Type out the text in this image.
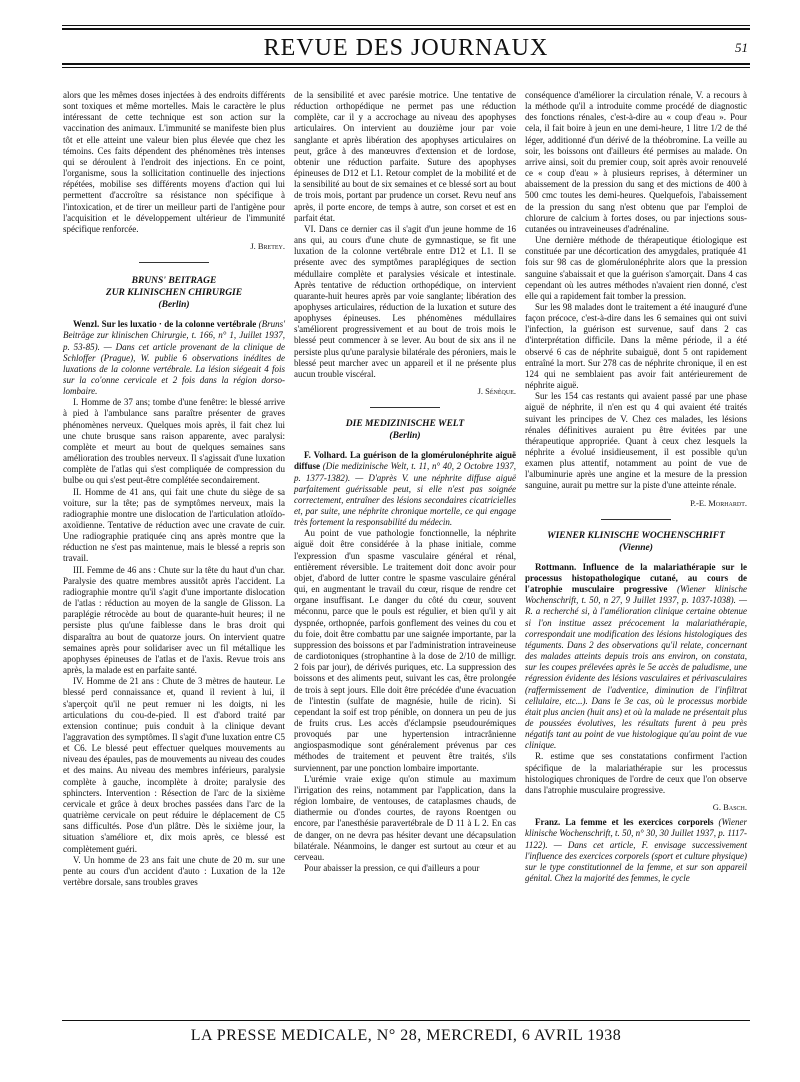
REVUE DES JOURNAUX	51

alors que les mêmes doses injectées à des endroits différents sont toxiques et même mortelles. Mais le caractère le plus intéressant de cette technique est son action sur la vaccination des animaux. L'immunité se manifeste bien plus tôt et elle atteint une valeur bien plus élevée que chez les témoins. Ces faits dépendent des phénomènes très intenses qui se déroulent à l'endroit des injections. En ce point, l'organisme, sous la sollicitation continuelle des injections répétées, mobilise ses différents moyens d'action qui lui permettent d'accroître sa résistance non spécifique à l'intoxication, et de tirer un meilleur parti de l'antigène pour l'acquisition et le développement ultérieur de l'immunité spécifique renforcée.

J. Bretey.
BRUNS' BEITRAGE
ZUR KLINISCHEN CHIRURGIE
(Berlin)

Wenzl. Sur les luxatio · de la colonne vertébrale (Bruns' Beiträge zur klinischen Chirurgie, t. 166, n° 1, Juillet 1937, p. 53-85). — Dans cet article provenant de la clinique de Schloffer (Prague), W. publie 6 observations inédites de luxations de la colonne vertébrale. La lésion siégeait 4 fois sur la co'onne cervicale et 2 fois dans la région dorso-lombaire.

I. Homme de 37 ans; tombe d'une fenêtre: le blessé arrive à pied à l'ambulance sans paraître présenter de graves phénomènes nerveux. Quelques mois après, il fait chez lui une chute brusque sans raison apparente, avec paralysi: complète et meurt au bout de quelques semaines sans amélioration des troubles nerveux. Il s'agissait d'une luxation complète de l'atlas qui s'est compliquée de compression du bulbe ou qui s'est peut-être complétée secondairement.

II. Homme de 41 ans, qui fait une chute du siège de sa voiture, sur la tête; pas de symptômes nerveux, mais la radiographie montre une dislocation de l'articulation atloïdo-axoïdienne. Tentative de réduction avec une cravate de cuir. Une radiographie pratiquée cinq ans après montre que la réduction ne s'est pas maintenue, mais le blessé a repris son travail.

III. Femme de 46 ans : Chute sur la tête du haut d'un char. Paralysie des quatre membres aussitôt après l'accident. La radiographie montre qu'il s'agit d'une importante dislocation de l'atlas : réduction au moyen de la sangle de Glisson. La paraplégie rétrocède au bout de quarante-huit heures; il ne persiste plus qu'une faiblesse dans le bras droit qui disparaîtra au bout de quatorze jours. On intervient quatre semaines après pour solidariser avec un fil métallique les apophyses épineuses de l'atlas et de l'axis. Revue trois ans après, la malade est en parfaite santé.

IV. Homme de 21 ans : Chute de 3 mètres de hauteur. Le blessé perd connaissance et, quand il revient à lui, il s'aperçoit qu'il ne peut remuer ni les doigts, ni les articulations du cou-de-pied. Il est d'abord traité par extension continue; puis conduit à la clinique devant l'aggravation des symptômes. Il s'agit d'une luxation entre C5 et C6. Le blessé peut effectuer quelques mouvements au niveau des épaules, pas de mouvements au niveau des coudes et des mains. Au niveau des membres inférieurs, paralysie complète à gauche, incomplète à droite; paralysie des sphincters. Intervention : Résection de l'arc de la sixième cervicale et grâce à deux broches passées dans l'arc de la quatrième cervicale on peut réduire le déplacement de C5 sans difficultés. Pose d'un plâtre. Dès le sixième jour, la situation s'améliore et, dix mois après, ce blessé est complètement guéri.

V. Un homme de 23 ans fait une chute de 20 m. sur une pente au cours d'un accident d'auto : Luxation de la 12e vertèbre dorsale, sans troubles graves

de la sensibilité et avec parésie motrice. Une tentative de réduction orthopédique ne permet pas une réduction complète, car il y a accrochage au niveau des apophyses articulaires. On intervient au douzième jour par voie sanglante et après libération des apophyses articulaires on peut, grâce à des manœuvres d'extension et de lordose, obtenir une réduction parfaite. Suture des apophyses épineuses de D12 et L1. Retour complet de la mobilité et de la sensibilité au bout de six semaines et ce blessé sort au bout de trois mois, portant par prudence un corset. Revu neuf ans après, il porte encore, de temps à autre, son corset et est en parfait état.

VI. Dans ce dernier cas il s'agit d'un jeune homme de 16 ans qui, au cours d'une chute de gymnastique, se fit une luxation de la colonne vertébrale entre D12 et L1. Il se présente avec des symptômes paraplégiques de section médullaire complète et paralysies vésicale et intestinale. Après tentative de réduction orthopédique, on intervient quarante-huit heures après par voie sanglante; libération des apophyses articulaires, réduction de la luxation et suture des apophyses épineuses. Les phénomènes médullaires s'améliorent progressivement et au bout de trois mois le blessé peut commencer à se lever. Au bout de six ans il ne persiste plus qu'une paralysie bilatérale des péroniers, mais le blessé peut marcher avec un appareil et il ne présente plus aucun trouble viscéral.

J. Sénèque.
DIE MEDIZINISCHE WELT
(Berlin)

F. Volhard. La guérison de la glomérulonéphrite aiguë diffuse (Die medizinische Welt, t. 11, n° 40, 2 Octobre 1937, p. 1377-1382). — D'après V. une néphrite diffuse aiguë parfaitement guérissable peut, si elle n'est pas soignée correctement, entraîner des lésions secondaires cicatricielles et, par suite, une néphrite chronique mortelle, ce qui engage très fortement la responsabilité du médecin.

Au point de vue pathologie fonctionnelle, la néphrite aiguë doit être considérée à la phase initiale, comme l'expression d'un spasme vasculaire général et rénal, entièrement réversible. Le traitement doit donc avoir pour objet, d'abord de lutter contre le spasme vasculaire général qui, en augmentant le travail du cœur, risque de rendre cet organe insuffisant. Le danger du côté du cœur, souvent méconnu, parce que le pouls est régulier, et bien qu'il y ait dyspnée, orthopnée, parfois gonflement des veines du cou et du foie, doit être combattu par une saignée importante, par la suppression des boissons et par l'administration intraveineuse de cardiotoniques (strophantine à la dose de 2/10 de milligr. 2 fois par jour), de dérivés puriques, etc. La suppression des boissons et des aliments peut, suivant les cas, être prolongée de trois à sept jours. Elle doit être précédée d'une évacuation de l'intestin (sulfate de magnésie, huile de ricin). Si cependant la soif est trop pénible, on donnera un peu de jus de fruits crus. Les accès d'éclampsie pseudourémiques provoqués par une hypertension intracrânienne angiospasmodique sont généralement prévenus par ces méthodes de traitement et peuvent être traités, s'ils surviennent, par une ponction lombaire importante.

L'urémie vraie exige qu'on stimule au maximum l'irrigation des reins, notamment par l'application, dans la région lombaire, de ventouses, de cataplasmes chauds, de diathermie ou d'ondes courtes, de rayons Roentgen ou encore, par l'anesthésie paravertébrale de D 11 à L 2. En cas de danger, on ne devra pas hésiter devant une décapsulation bilatérale. Néanmoins, le danger est surtout au cœur et au cerveau.

Pour abaisser la pression, ce qui d'ailleurs a pour

conséquence d'améliorer la circulation rénale, V. a recours à la méthode qu'il a introduite comme procédé de diagnostic des fonctions rénales, c'est-à-dire au « coup d'eau ». Pour cela, il fait boire à jeun en une demi-heure, 1 litre 1/2 de thé léger, additionné d'un dérivé de la théobromine. La veille au soir, les boissons ont d'ailleurs été permises au malade. On arrive ainsi, soit du premier coup, soit après avoir renouvelé ce « coup d'eau » à plusieurs reprises, à déterminer un abaissement de la pression du sang et des mictions de 400 à 500 cmc toutes les demi-heures. Quelquefois, l'abaissement de la pression du sang n'est obtenu que par l'emploi de chlorure de calcium à fortes doses, ou par injections sous-cutanées ou intraveineuses d'adrénaline.

Une dernière méthode de thérapeutique étiologique est constituée par une décortication des amygdales, pratiquée 41 fois sur 98 cas de glomérulonéphrite alors que la pression sanguine s'abaissait et que la guérison s'amorçait. Dans 4 cas cependant où les autres méthodes n'avaient rien donné, c'est elle qui a rapidement fait tomber la pression.

Sur les 98 malades dont le traitement a été inauguré d'une façon précoce, c'est-à-dire dans les 6 semaines qui ont suivi l'infection, la guérison est survenue, sauf dans 2 cas d'interprétation difficile. Dans la même période, il a été observé 6 cas de néphrite subaiguë, dont 5 ont rapidement entraîné la mort. Sur 278 cas de néphrite chronique, il en est 124 qui ne semblaient pas avoir fait antérieurement de néphrite aiguë.

Sur les 154 cas restants qui avaient passé par une phase aiguë de néphrite, il n'en est qu 4 qui avaient été traités suivant les principes de V. Chez ces malades, les lésions rénales définitives auraient pu être évitées par une thérapeutique appropriée. Quant à ceux chez lesquels la néphrite a évolué insidieusement, il est possible qu'un examen plus attentif, notamment au point de vue de l'albuminurie après une angine et la mesure de la pression sanguine, aurait pu mettre sur la piste d'une atteinte rénale.

P.-E. Morhardt.
WIENER KLINISCHE WOCHENSCHRIFT
(Vienne)

Rottmann. Influence de la malariathérapie sur le processus histopathologique cutané, au cours de l'atrophie musculaire progressive (Wiener klinische Wochenschrift, t. 50, n 27, 9 Juillet 1937, p. 1037-1038). — R. a recherché si, à l'amélioration clinique certaine obtenue si l'on institue assez précocement la malariathérapie, correspondait une modification des lésions histologiques des téguments. Dans 2 des observations qu'il relate, concernant des malades atteints depuis trois ans environ, on constata, sur les coupes prélevées après le 5e accès de paludisme, une régression évidente des lésions vasculaires et périvasculaires (raffermissement de l'adventice, diminution de l'infiltrat cellulaire, etc...). Dans le 3e cas, où le processus morbide était plus ancien (huit ans) et où la malade ne présentait plus de poussées évolutives, les résultats furent à peu près négatifs tant au point de vue histologique qu'au point de vue clinique.

R. estime que ses constatations confirment l'action spécifique de la malariathérapie sur les processus histologiques chroniques de l'ordre de ceux que l'on observe dans l'atrophie musculaire progressive.

G. Basch.

Franz. La femme et les exercices corporels (Wiener klinische Wochenschrift, t. 50, n° 30, 30 Juillet 1937, p. 1117-1122). — Dans cet article, F. envisage successivement l'influence des exercices corporels (sport et culture physique) sur le type constitutionnel de la femme, et sur son appareil génital. Chez la majorité des femmes, le cycle

LA PRESSE MEDICALE, N° 28, MERCREDI, 6 AVRIL 1938
